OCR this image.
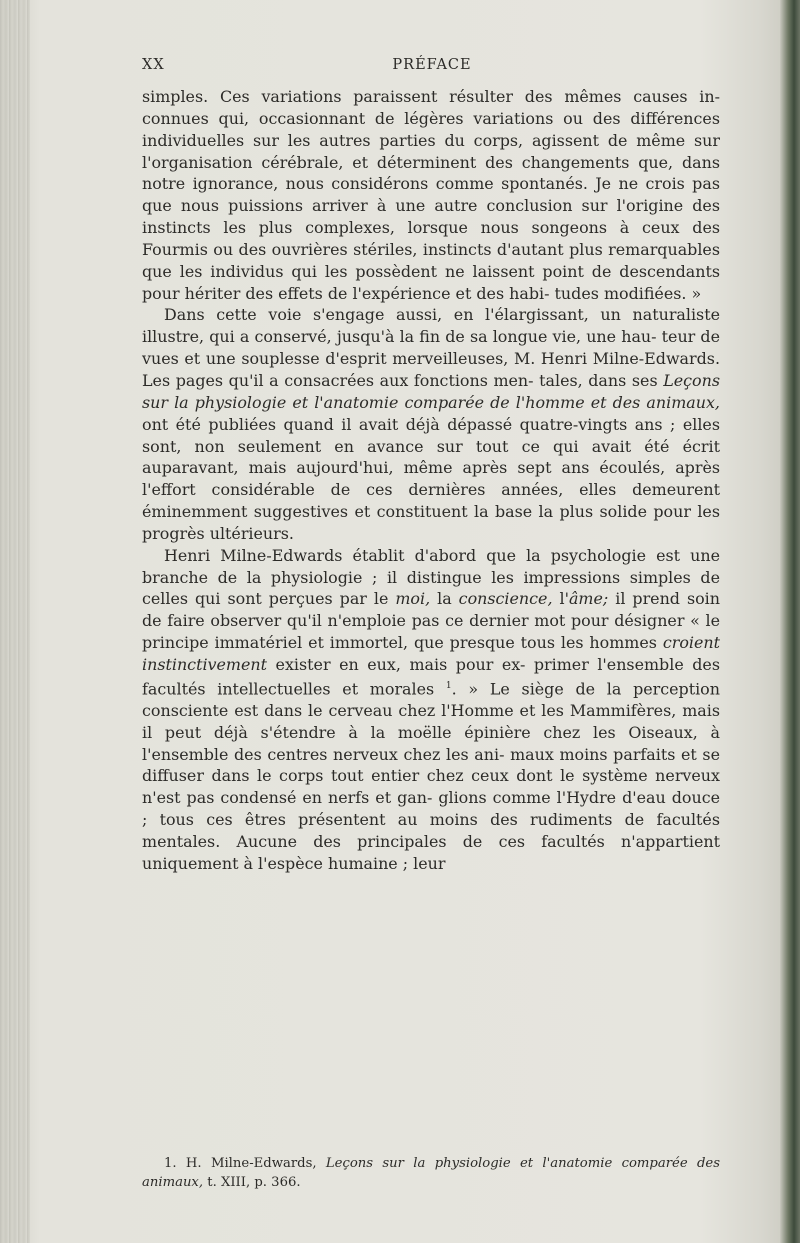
XX	PRÉFACE

simples. Ces variations paraissent résulter des mêmes causes in- connues qui, occasionnant de légères variations ou des différences individuelles sur les autres parties du corps, agissent de même sur l'organisation cérébrale, et déterminent des changements que, dans notre ignorance, nous considérons comme spontanés. Je ne crois pas que nous puissions arriver à une autre conclusion sur l'origine des instincts les plus complexes, lorsque nous songeons à ceux des Fourmis ou des ouvrières stériles, instincts d'autant plus remarquables que les individus qui les possèdent ne laissent point de descendants pour hériter des effets de l'expérience et des habi- tudes modifiées. »

Dans cette voie s'engage aussi, en l'élargissant, un naturaliste illustre, qui a conservé, jusqu'à la fin de sa longue vie, une hau- teur de vues et une souplesse d'esprit merveilleuses, M. Henri Milne-Edwards. Les pages qu'il a consacrées aux fonctions men- tales, dans ses Leçons sur la physiologie et l'anatomie comparée de l'homme et des animaux, ont été publiées quand il avait déjà dépassé quatre-vingts ans ; elles sont, non seulement en avance sur tout ce qui avait été écrit auparavant, mais aujourd'hui, même après sept ans écoulés, après l'effort considérable de ces dernières années, elles demeurent éminemment suggestives et constituent la base la plus solide pour les progrès ultérieurs.

Henri Milne-Edwards établit d'abord que la psychologie est une branche de la physiologie ; il distingue les impressions simples de celles qui sont perçues par le moi, la conscience, l'âme; il prend soin de faire observer qu'il n'emploie pas ce dernier mot pour désigner « le principe immatériel et immortel, que presque tous les hommes croient instinctivement exister en eux, mais pour ex- primer l'ensemble des facultés intellectuelles et morales $^1$. » Le siège de la perception consciente est dans le cerveau chez l'Homme et les Mammifères, mais il peut déjà s'étendre à la moëlle épinière chez les Oiseaux, à l'ensemble des centres nerveux chez les ani- maux moins parfaits et se diffuser dans le corps tout entier chez ceux dont le système nerveux n'est pas condensé en nerfs et gan- glions comme l'Hydre d'eau douce ; tous ces êtres présentent au moins des rudiments de facultés mentales. Aucune des principales de ces facultés n'appartient uniquement à l'espèce humaine ; leur

1. H. Milne-Edwards, Leçons sur la physiologie et l'anatomie comparée des animaux, t. XIII, p. 366.
